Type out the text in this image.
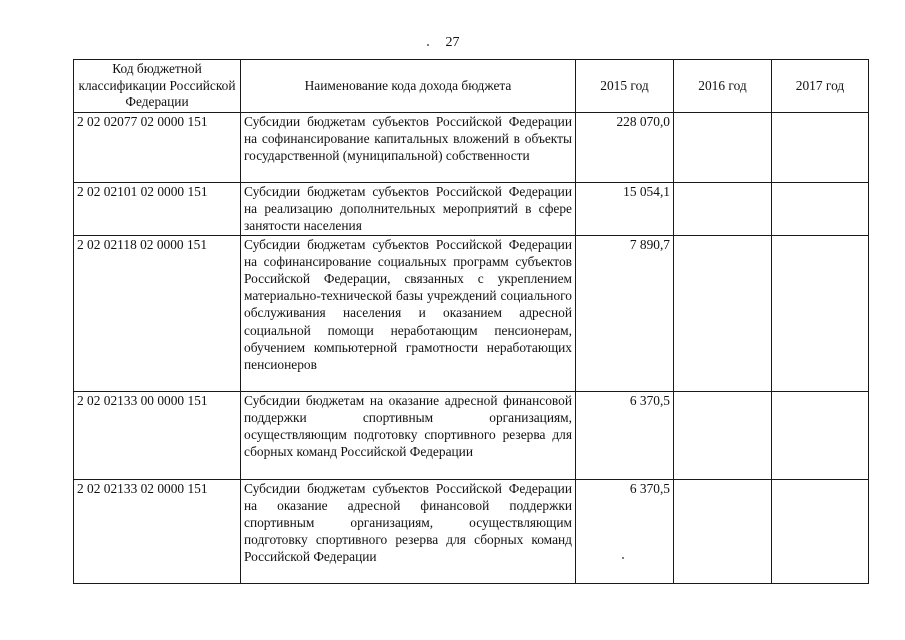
27
Код бюджетной классификации Российской Федерации	Наименование кода дохода бюджета	2015 год	2016 год	2017 год
2 02 02077 02 0000 151	Субсидии бюджетам субъектов Российской Федерации на софинансирование капитальных вложений в объекты государственной (муниципальной) собственности	228 070,0		
2 02 02101 02 0000 151	Субсидии бюджетам субъектов Российской Федерации на реализацию дополнительных мероприятий в сфере занятости населения	15 054,1		
2 02 02118 02 0000 151	Субсидии бюджетам субъектов Российской Федерации на софинансирование социальных программ субъектов Российской Федерации, связанных с укреплением материально-технической базы учреждений социального обслуживания населения и оказанием адресной социальной помощи неработающим пенсионерам, обучением компьютерной грамотности неработающих пенсионеров	7 890,7		
2 02 02133 00 0000 151	Субсидии бюджетам на оказание адресной финансовой поддержки спортивным организациям, осуществляющим подготовку спортивного резерва для сборных команд Российской Федерации	6 370,5		
2 02 02133 02 0000 151	Субсидии бюджетам субъектов Российской Федерации на оказание адресной финансовой поддержки спортивным организациям, осуществляющим подготовку спортивного резерва для сборных команд Российской Федерации	6 370,5		
